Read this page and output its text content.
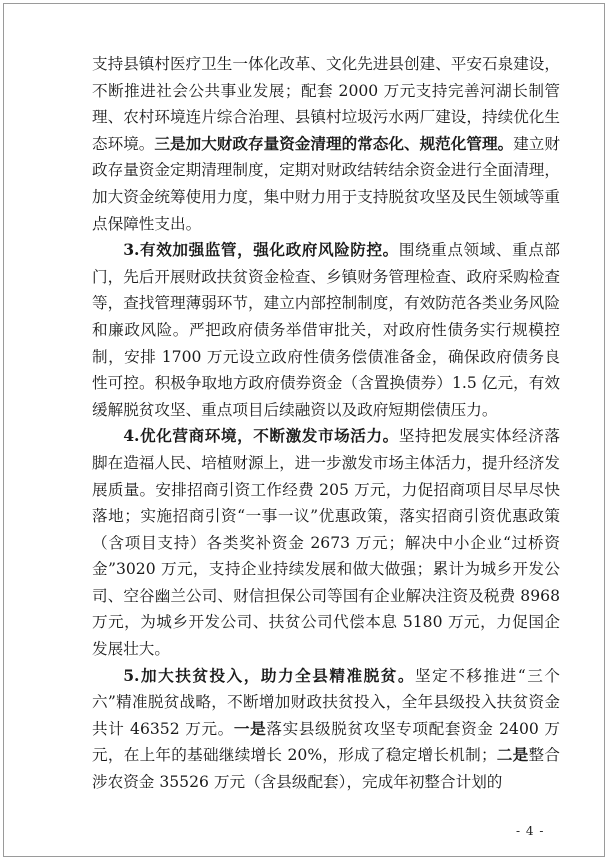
支持县镇村医疗卫生一体化改革、文化先进县创建、平安石泉建设，不断推进社会公共事业发展；配套 2000 万元支持完善河湖长制管理、农村环境连片综合治理、县镇村垃圾污水两厂建设，持续优化生态环境。三是加大财政存量资金清理的常态化、规范化管理。建立财政存量资金定期清理制度，定期对财政结转结余资金进行全面清理，加大资金统筹使用力度，集中财力用于支持脱贫攻坚及民生领域等重点保障性支出。

3.有效加强监管，强化政府风险防控。围绕重点领域、重点部门，先后开展财政扶贫资金检查、乡镇财务管理检查、政府采购检查等，查找管理薄弱环节，建立内部控制制度，有效防范各类业务风险和廉政风险。严把政府债务举借审批关，对政府性债务实行规模控制，安排 1700 万元设立政府性债务偿债准备金，确保政府债务良性可控。积极争取地方政府债券资金（含置换债券）1.5 亿元，有效缓解脱贫攻坚、重点项目后续融资以及政府短期偿债压力。

4.优化营商环境，不断激发市场活力。坚持把发展实体经济落脚在造福人民、培植财源上，进一步激发市场主体活力，提升经济发展质量。安排招商引资工作经费 205 万元，力促招商项目尽早尽快落地；实施招商引资“一事一议”优惠政策，落实招商引资优惠政策（含项目支持）各类奖补资金 2673 万元；解决中小企业“过桥资金”3020 万元，支持企业持续发展和做大做强；累计为城乡开发公司、空谷幽兰公司、财信担保公司等国有企业解决注资及税费 8968 万元，为城乡开发公司、扶贫公司代偿本息 5180 万元，力促国企发展壮大。

5.加大扶贫投入，助力全县精准脱贫。坚定不移推进“三个六”精准脱贫战略，不断增加财政扶贫投入，全年县级投入扶贫资金共计 46352 万元。一是落实县级脱贫攻坚专项配套资金 2400 万元，在上年的基础继续增长 20%，形成了稳定增长机制；二是整合涉农资金 35526 万元（含县级配套），完成年初整合计划的

- 4 -
